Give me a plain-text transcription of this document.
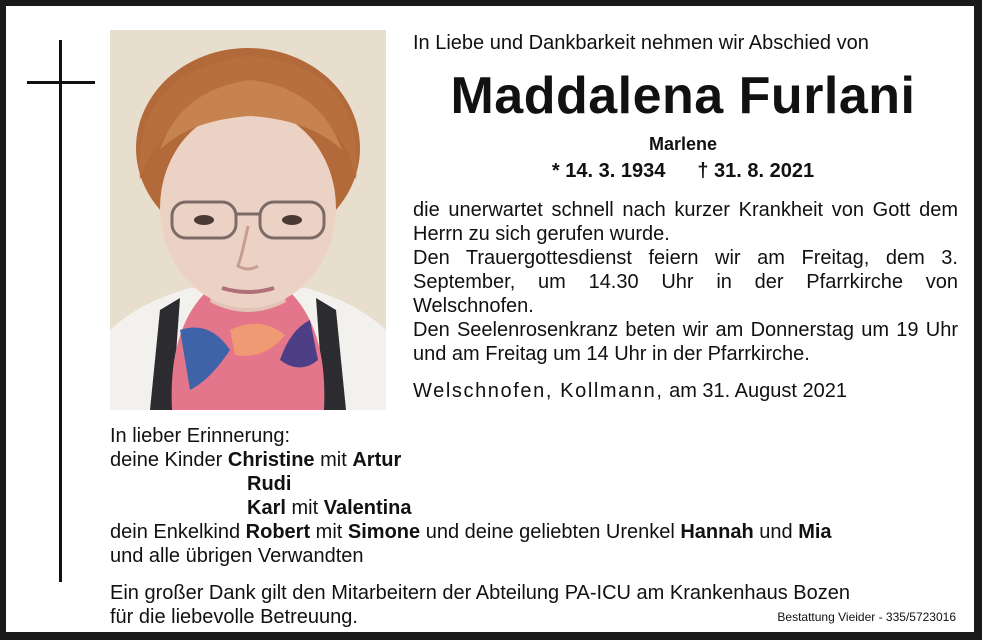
In Liebe und Dankbarkeit nehmen wir Abschied von
Maddalena Furlani
Marlene
* 14. 3. 1934 † 31. 8. 2021

die unerwartet schnell nach kurzer Krankheit von Gott dem Herrn zu sich gerufen wurde.

Den Trauergottesdienst feiern wir am Freitag, dem 3. September, um 14.30 Uhr in der Pfarrkirche von Welschnofen.

Den Seelenrosenkranz beten wir am Donnerstag um 19 Uhr und am Freitag um 14 Uhr in der Pfarrkirche.

Welschnofen, Kollmann, am 31. August 2021
In lieber Erinnerung:
deine Kinder Christine mit Artur
Rudi
Karl mit Valentina
dein Enkelkind Robert mit Simone und deine geliebten Urenkel Hannah und Mia
und alle übrigen Verwandten
Ein großer Dank gilt den Mitarbeitern der Abteilung PA-ICU am Krankenhaus Bozen
für die liebevolle Betreuung.	Bestattung Vieider - 335/5723016
